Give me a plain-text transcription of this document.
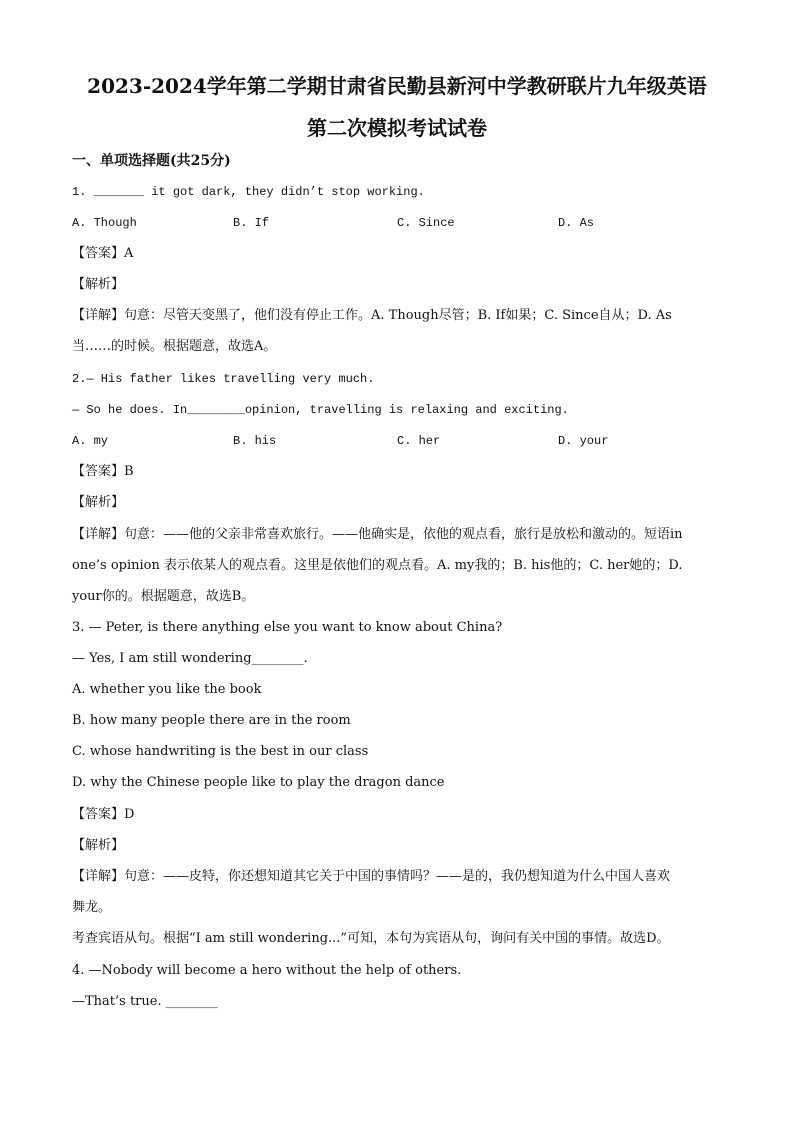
2023-2024学年第二学期甘肃省民勤县新河中学教研联片九年级英语
第二次模拟考试试卷
一、单项选择题(共25分)
1. _______ it got dark, they didn’t stop working.
A. Though	B. If	C. Since	D. As
【答案】A
【解析】
【详解】句意：尽管天变黑了，他们没有停止工作。A. Though尽管；B. If如果；C. Since自从；D. As
当……的时候。根据题意，故选A。
2.— His father likes travelling very much.
— So he does. In________opinion, travelling is relaxing and exciting.
A. my	B. his	C. her	D. your
【答案】B
【解析】
【详解】句意：——他的父亲非常喜欢旅行。——他确实是，依他的观点看，旅行是放松和激动的。短语in
one’s opinion 表示依某人的观点看。这里是依他们的观点看。A. my我的；B. his他的；C. her她的；D.
your你的。根据题意，故选B。
3. — Peter, is there anything else you want to know about China?
— Yes, I am still wondering________.
A. whether you like the book
B. how many people there are in the room
C. whose handwriting is the best in our class
D. why the Chinese people like to play the dragon dance
【答案】D
【解析】
【详解】句意：——皮特，你还想知道其它关于中国的事情吗？——是的，我仍想知道为什么中国人喜欢
舞龙。
考查宾语从句。根据“I am still wondering...”可知，本句为宾语从句，询问有关中国的事情。故选D。
4. —Nobody will become a hero without the help of others.
—That’s true. ________
